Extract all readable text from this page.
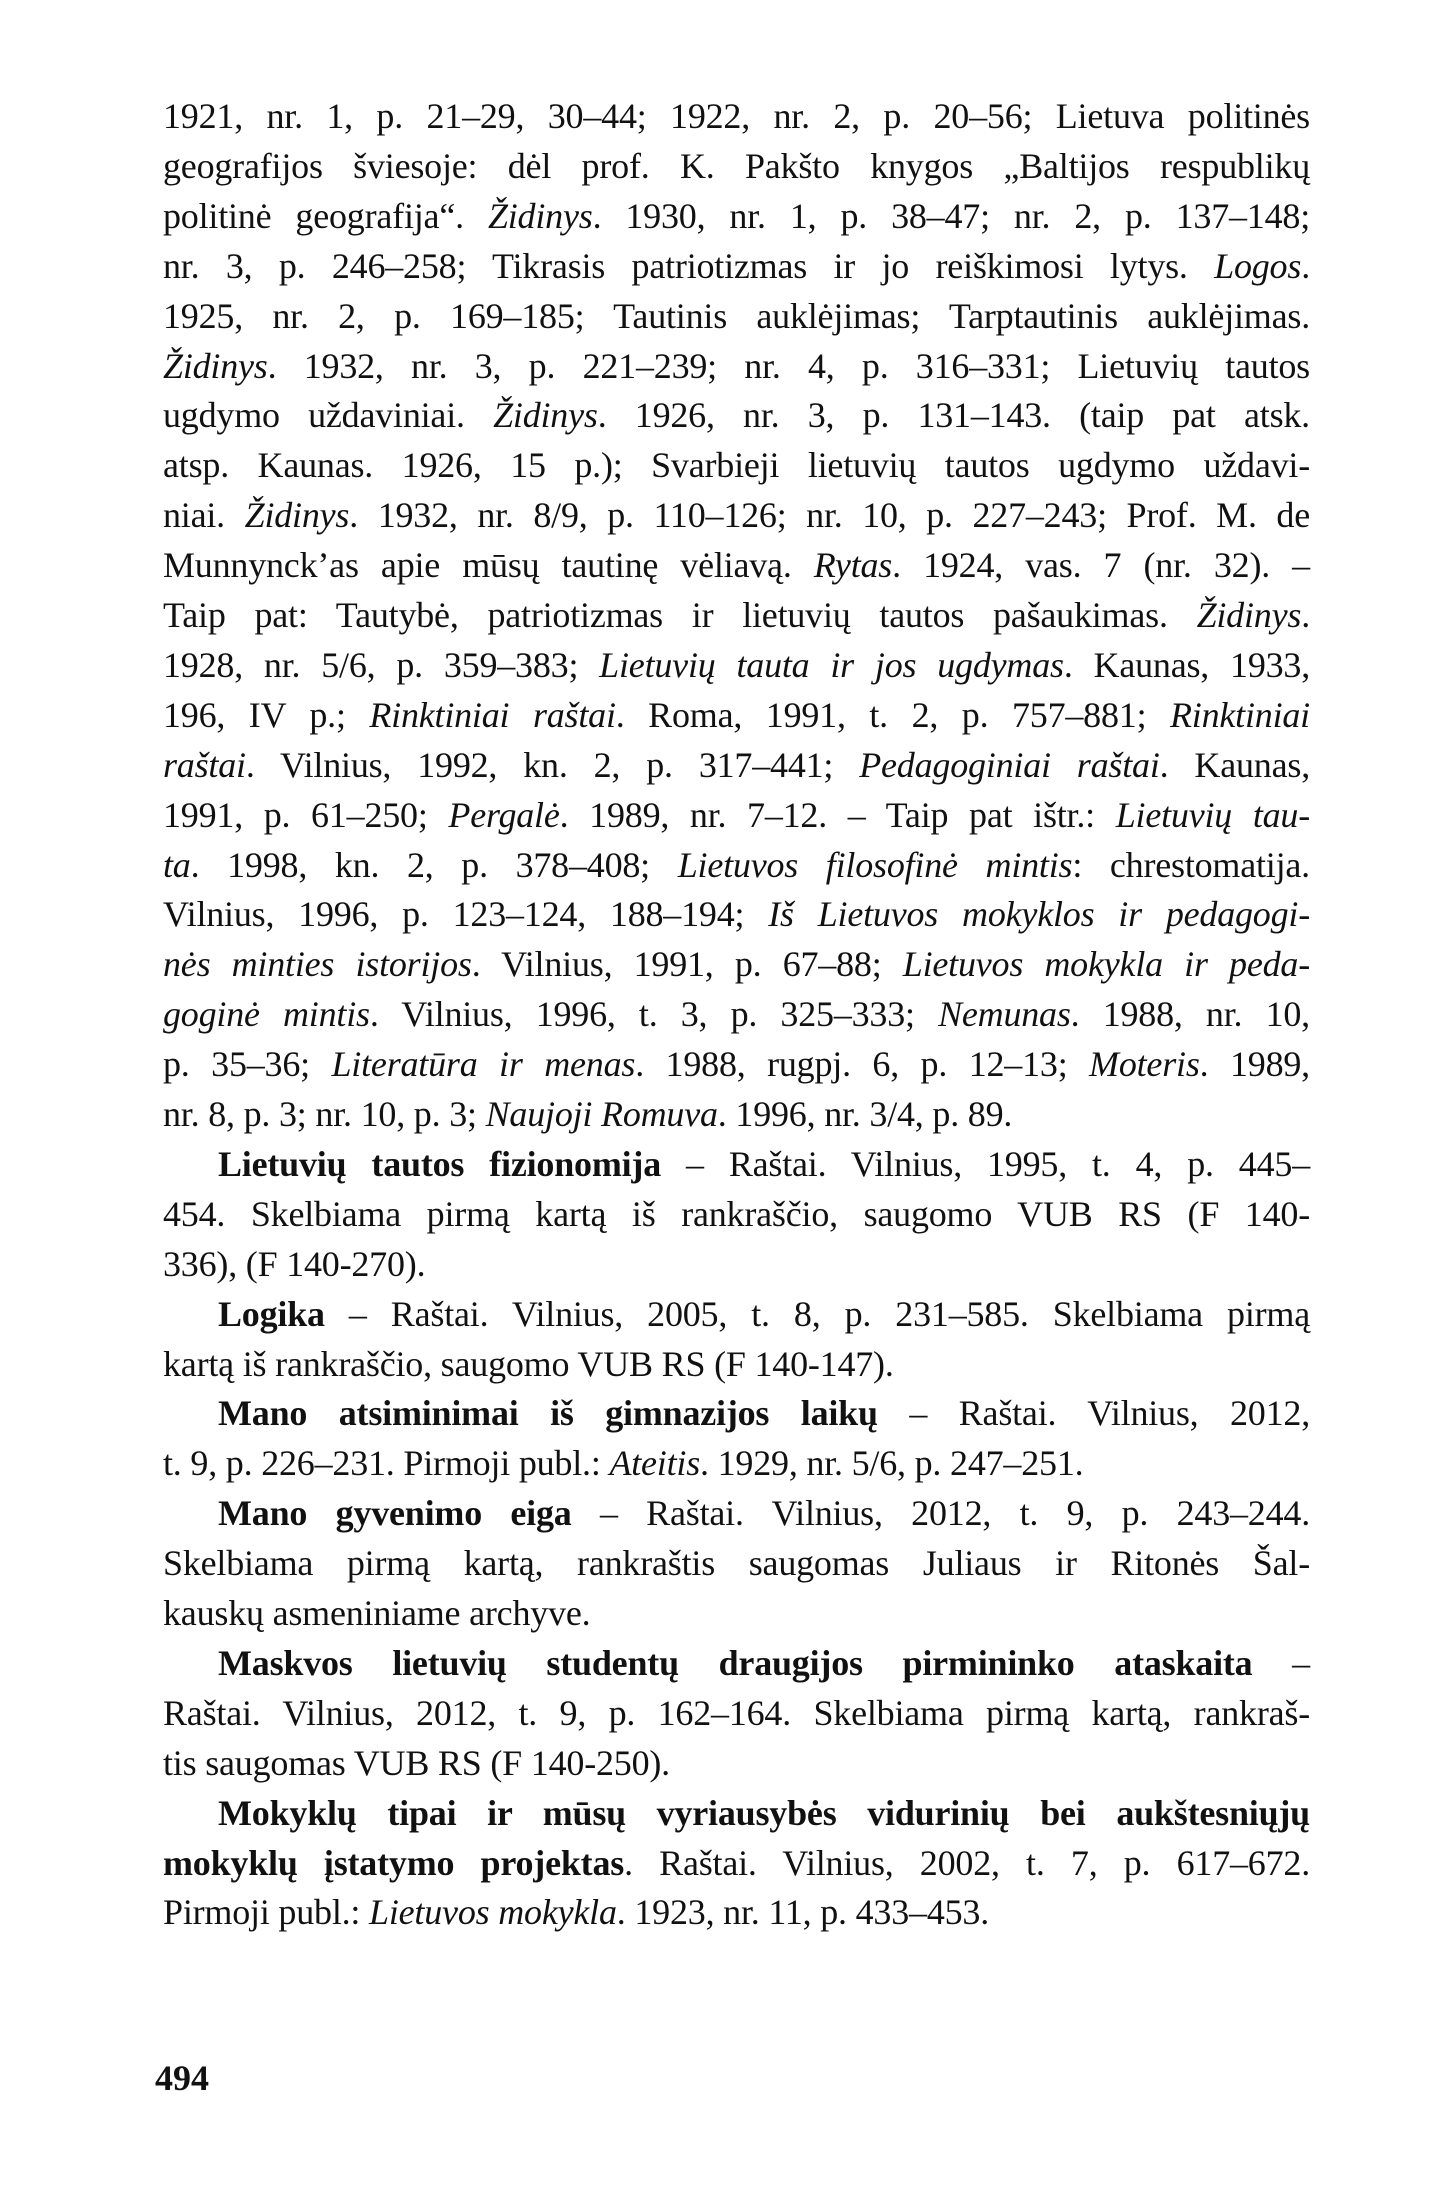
1921, nr. 1, p. 21–29, 30–44; 1922, nr. 2, p. 20–56; Lietuva politinės
geografijos šviesoje: dėl prof. K. Pakšto knygos „Baltijos respublikų
politinė geografija“. Židinys. 1930, nr. 1, p. 38–47; nr. 2, p. 137–148;
nr. 3, p. 246–258; Tikrasis patriotizmas ir jo reiškimosi lytys. Logos.
1925, nr. 2, p. 169–185; Tautinis auklėjimas; Tarptautinis auklėjimas.
Židinys. 1932, nr. 3, p. 221–239; nr. 4, p. 316–331; Lietuvių tautos
ugdymo uždaviniai. Židinys. 1926, nr. 3, p. 131–143. (taip pat atsk.
atsp. Kaunas. 1926, 15 p.); Svarbieji lietuvių tautos ugdymo uždavi-
niai. Židinys. 1932, nr. 8/9, p. 110–126; nr. 10, p. 227–243; Prof. M. de
Munnynck’as apie mūsų tautinę vėliavą. Rytas. 1924, vas. 7 (nr. 32). –
Taip pat: Tautybė, patriotizmas ir lietuvių tautos pašaukimas. Židinys.
1928, nr. 5/6, p. 359–383; Lietuvių tauta ir jos ugdymas. Kaunas, 1933,
196, IV p.; Rinktiniai raštai. Roma, 1991, t. 2, p. 757–881; Rinktiniai
raštai. Vilnius, 1992, kn. 2, p. 317–441; Pedagoginiai raštai. Kaunas,
1991, p. 61–250; Pergalė. 1989, nr. 7–12. – Taip pat ištr.: Lietuvių tau-
ta. 1998, kn. 2, p. 378–408; Lietuvos filosofinė mintis: chrestomatija.
Vilnius, 1996, p. 123–124, 188–194; Iš Lietuvos mokyklos ir pedagogi-
nės minties istorijos. Vilnius, 1991, p. 67–88; Lietuvos mokykla ir peda-
goginė mintis. Vilnius, 1996, t. 3, p. 325–333; Nemunas. 1988, nr. 10,
p. 35–36; Literatūra ir menas. 1988, rugpj. 6, p. 12–13; Moteris. 1989,
nr. 8, p. 3; nr. 10, p. 3; Naujoji Romuva. 1996, nr. 3/4, p. 89.
Lietuvių tautos fizionomija – Raštai. Vilnius, 1995, t. 4, p. 445–
454. Skelbiama pirmą kartą iš rankraščio, saugomo VUB RS (F 140-
336), (F 140-270).
Logika – Raštai. Vilnius, 2005, t. 8, p. 231–585. Skelbiama pirmą
kartą iš rankraščio, saugomo VUB RS (F 140-147).
Mano atsiminimai iš gimnazijos laikų – Raštai. Vilnius, 2012,
t. 9, p. 226–231. Pirmoji publ.: Ateitis. 1929, nr. 5/6, p. 247–251.
Mano gyvenimo eiga – Raštai. Vilnius, 2012, t. 9, p. 243–244.
Skelbiama pirmą kartą, rankraštis saugomas Juliaus ir Ritonės Šal-
kauskų asmeniniame archyve.
Maskvos lietuvių studentų draugijos pirmininko ataskaita –
Raštai. Vilnius, 2012, t. 9, p. 162–164. Skelbiama pirmą kartą, rankraš-
tis saugomas VUB RS (F 140-250).
Mokyklų tipai ir mūsų vyriausybės vidurinių bei aukštesniųjų
mokyklų įstatymo projektas. Raštai. Vilnius, 2002, t. 7, p. 617–672.
Pirmoji publ.: Lietuvos mokykla. 1923, nr. 11, p. 433–453.
494
